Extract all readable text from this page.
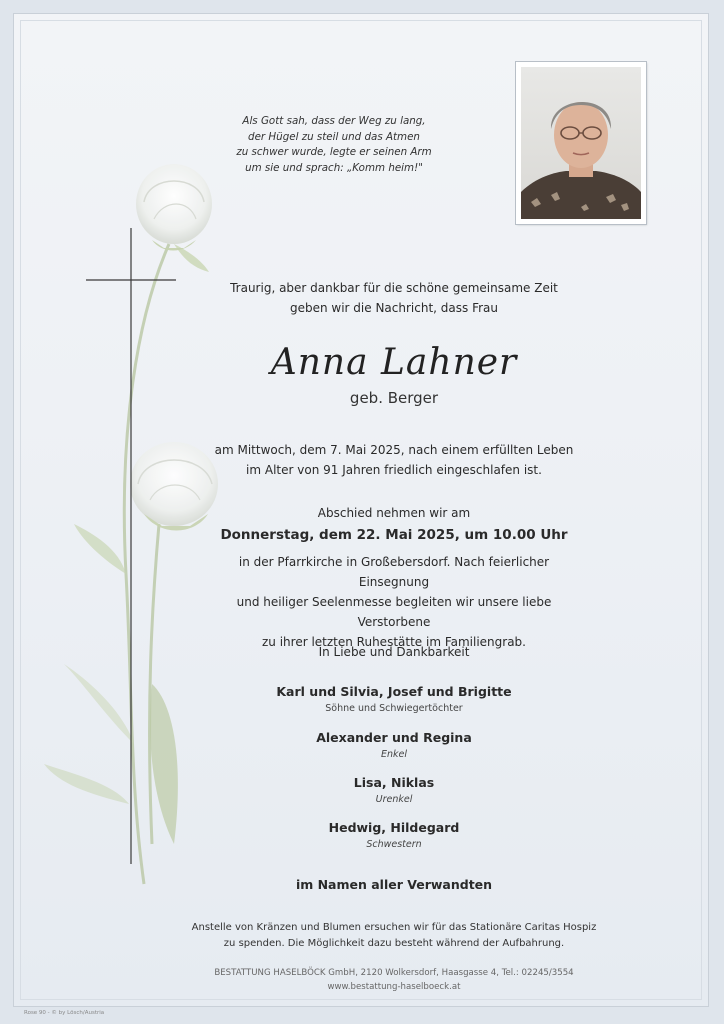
Als Gott sah, dass der Weg zu lang,
der Hügel zu steil und das Atmen
zu schwer wurde, legte er seinen Arm
um sie und sprach: „Komm heim!"
Traurig, aber dankbar für die schöne gemeinsame Zeit
geben wir die Nachricht, dass Frau
Anna Lahner
geb. Berger
am Mittwoch, dem 7. Mai 2025, nach einem erfüllten Leben
im Alter von 91 Jahren friedlich eingeschlafen ist.
Abschied nehmen wir am
Donnerstag, dem 22. Mai 2025, um 10.00 Uhr
in der Pfarrkirche in Großebersdorf. Nach feierlicher Einsegnung
und heiliger Seelenmesse begleiten wir unsere liebe Verstorbene
zu ihrer letzten Ruhestätte im Familiengrab.
In Liebe und Dankbarkeit
Karl und Silvia, Josef und Brigitte
Söhne und Schwiegertöchter
Alexander und Regina
Enkel
Lisa, Niklas
Urenkel
Hedwig, Hildegard
Schwestern
im Namen aller Verwandten
Anstelle von Kränzen und Blumen ersuchen wir für das Stationäre Caritas Hospiz
zu spenden. Die Möglichkeit dazu besteht während der Aufbahrung.
BESTATTUNG HASELBÖCK GmbH, 2120 Wolkersdorf, Haasgasse 4, Tel.: 02245/3554
www.bestattung-haselboeck.at
Rose 90 - © by Lösch/Austria
